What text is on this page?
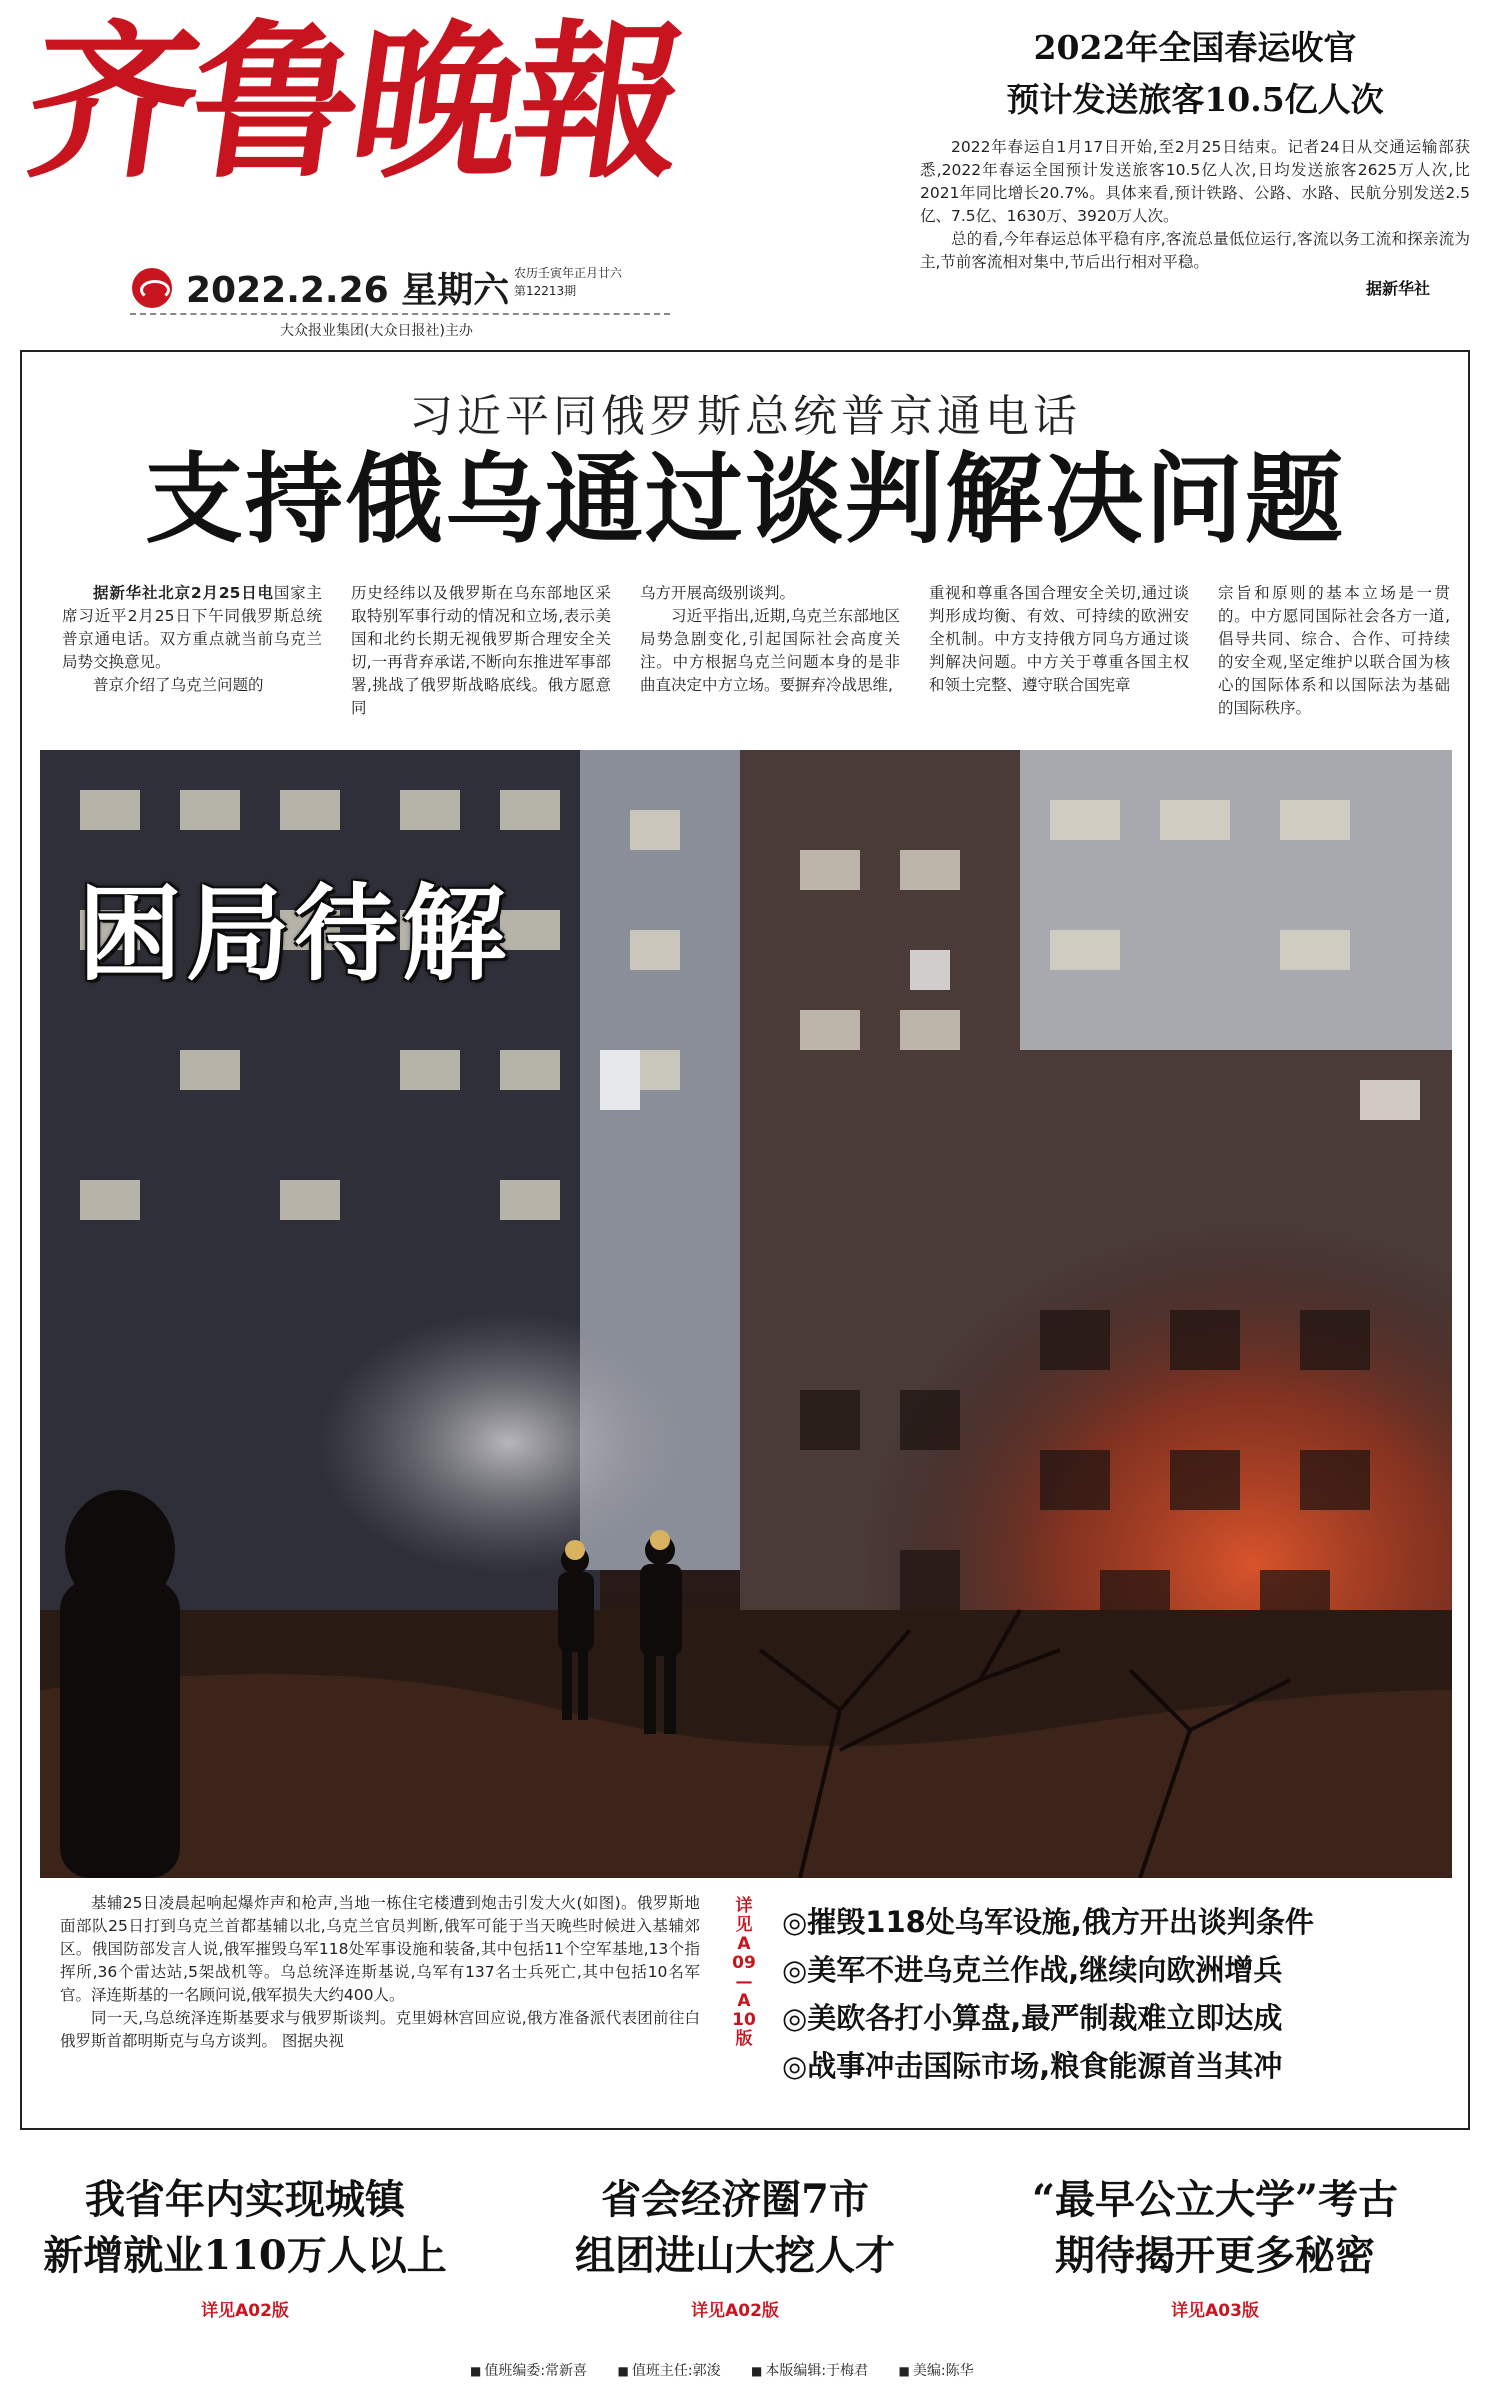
齐鲁晚報
2022.2.26 星期六 农历壬寅年正月廿六
第12213期
大众报业集团(大众日报社)主办
2022年全国春运收官
预计发送旅客10.5亿人次
2022年春运自1月17日开始,至2月25日结束。记者24日从交通运输部获悉,2022年春运全国预计发送旅客10.5亿人次,日均发送旅客2625万人次,比2021年同比增长20.7%。具体来看,预计铁路、公路、水路、民航分别发送2.5亿、7.5亿、1630万、3920万人次。
总的看,今年春运总体平稳有序,客流总量低位运行,客流以务工流和探亲流为主,节前客流相对集中,节后出行相对平稳。
据新华社
习近平同俄罗斯总统普京通电话
支持俄乌通过谈判解决问题
据新华社北京2月25日电国家主席习近平2月25日下午同俄罗斯总统普京通电话。双方重点就当前乌克兰局势交换意见。
普京介绍了乌克兰问题的
历史经纬以及俄罗斯在乌东部地区采取特别军事行动的情况和立场,表示美国和北约长期无视俄罗斯合理安全关切,一再背弃承诺,不断向东推进军事部署,挑战了俄罗斯战略底线。俄方愿意同
乌方开展高级别谈判。
习近平指出,近期,乌克兰东部地区局势急剧变化,引起国际社会高度关注。中方根据乌克兰问题本身的是非曲直决定中方立场。要摒弃冷战思维,
重视和尊重各国合理安全关切,通过谈判形成均衡、有效、可持续的欧洲安全机制。中方支持俄方同乌方通过谈判解决问题。中方关于尊重各国主权和领土完整、遵守联合国宪章
宗旨和原则的基本立场是一贯的。中方愿同国际社会各方一道,倡导共同、综合、合作、可持续的安全观,坚定维护以联合国为核心的国际体系和以国际法为基础的国际秩序。
困局待解
基辅25日凌晨起响起爆炸声和枪声,当地一栋住宅楼遭到炮击引发大火(如图)。俄罗斯地面部队25日打到乌克兰首都基辅以北,乌克兰官员判断,俄军可能于当天晚些时候进入基辅郊区。俄国防部发言人说,俄军摧毁乌军118处军事设施和装备,其中包括11个空军基地,13个指挥所,36个雷达站,5架战机等。乌总统泽连斯基说,乌军有137名士兵死亡,其中包括10名军官。泽连斯基的一名顾问说,俄军损失大约400人。
同一天,乌总统泽连斯基要求与俄罗斯谈判。克里姆林宫回应说,俄方准备派代表团前往白俄罗斯首都明斯克与乌方谈判。 图据央视
详见A09—A10版
◎摧毁118处乌军设施,俄方开出谈判条件
◎美军不进乌克兰作战,继续向欧洲增兵
◎美欧各打小算盘,最严制裁难立即达成
◎战事冲击国际市场,粮食能源首当其冲
我省年内实现城镇
新增就业110万人以上
详见A02版
省会经济圈7市
组团进山大挖人才
详见A02版
“最早公立大学”考古
期待揭开更多秘密
详见A03版
■ 值班编委:常新喜	■ 值班主任:郭浚	■ 本版编辑:于梅君	■ 美编:陈华
